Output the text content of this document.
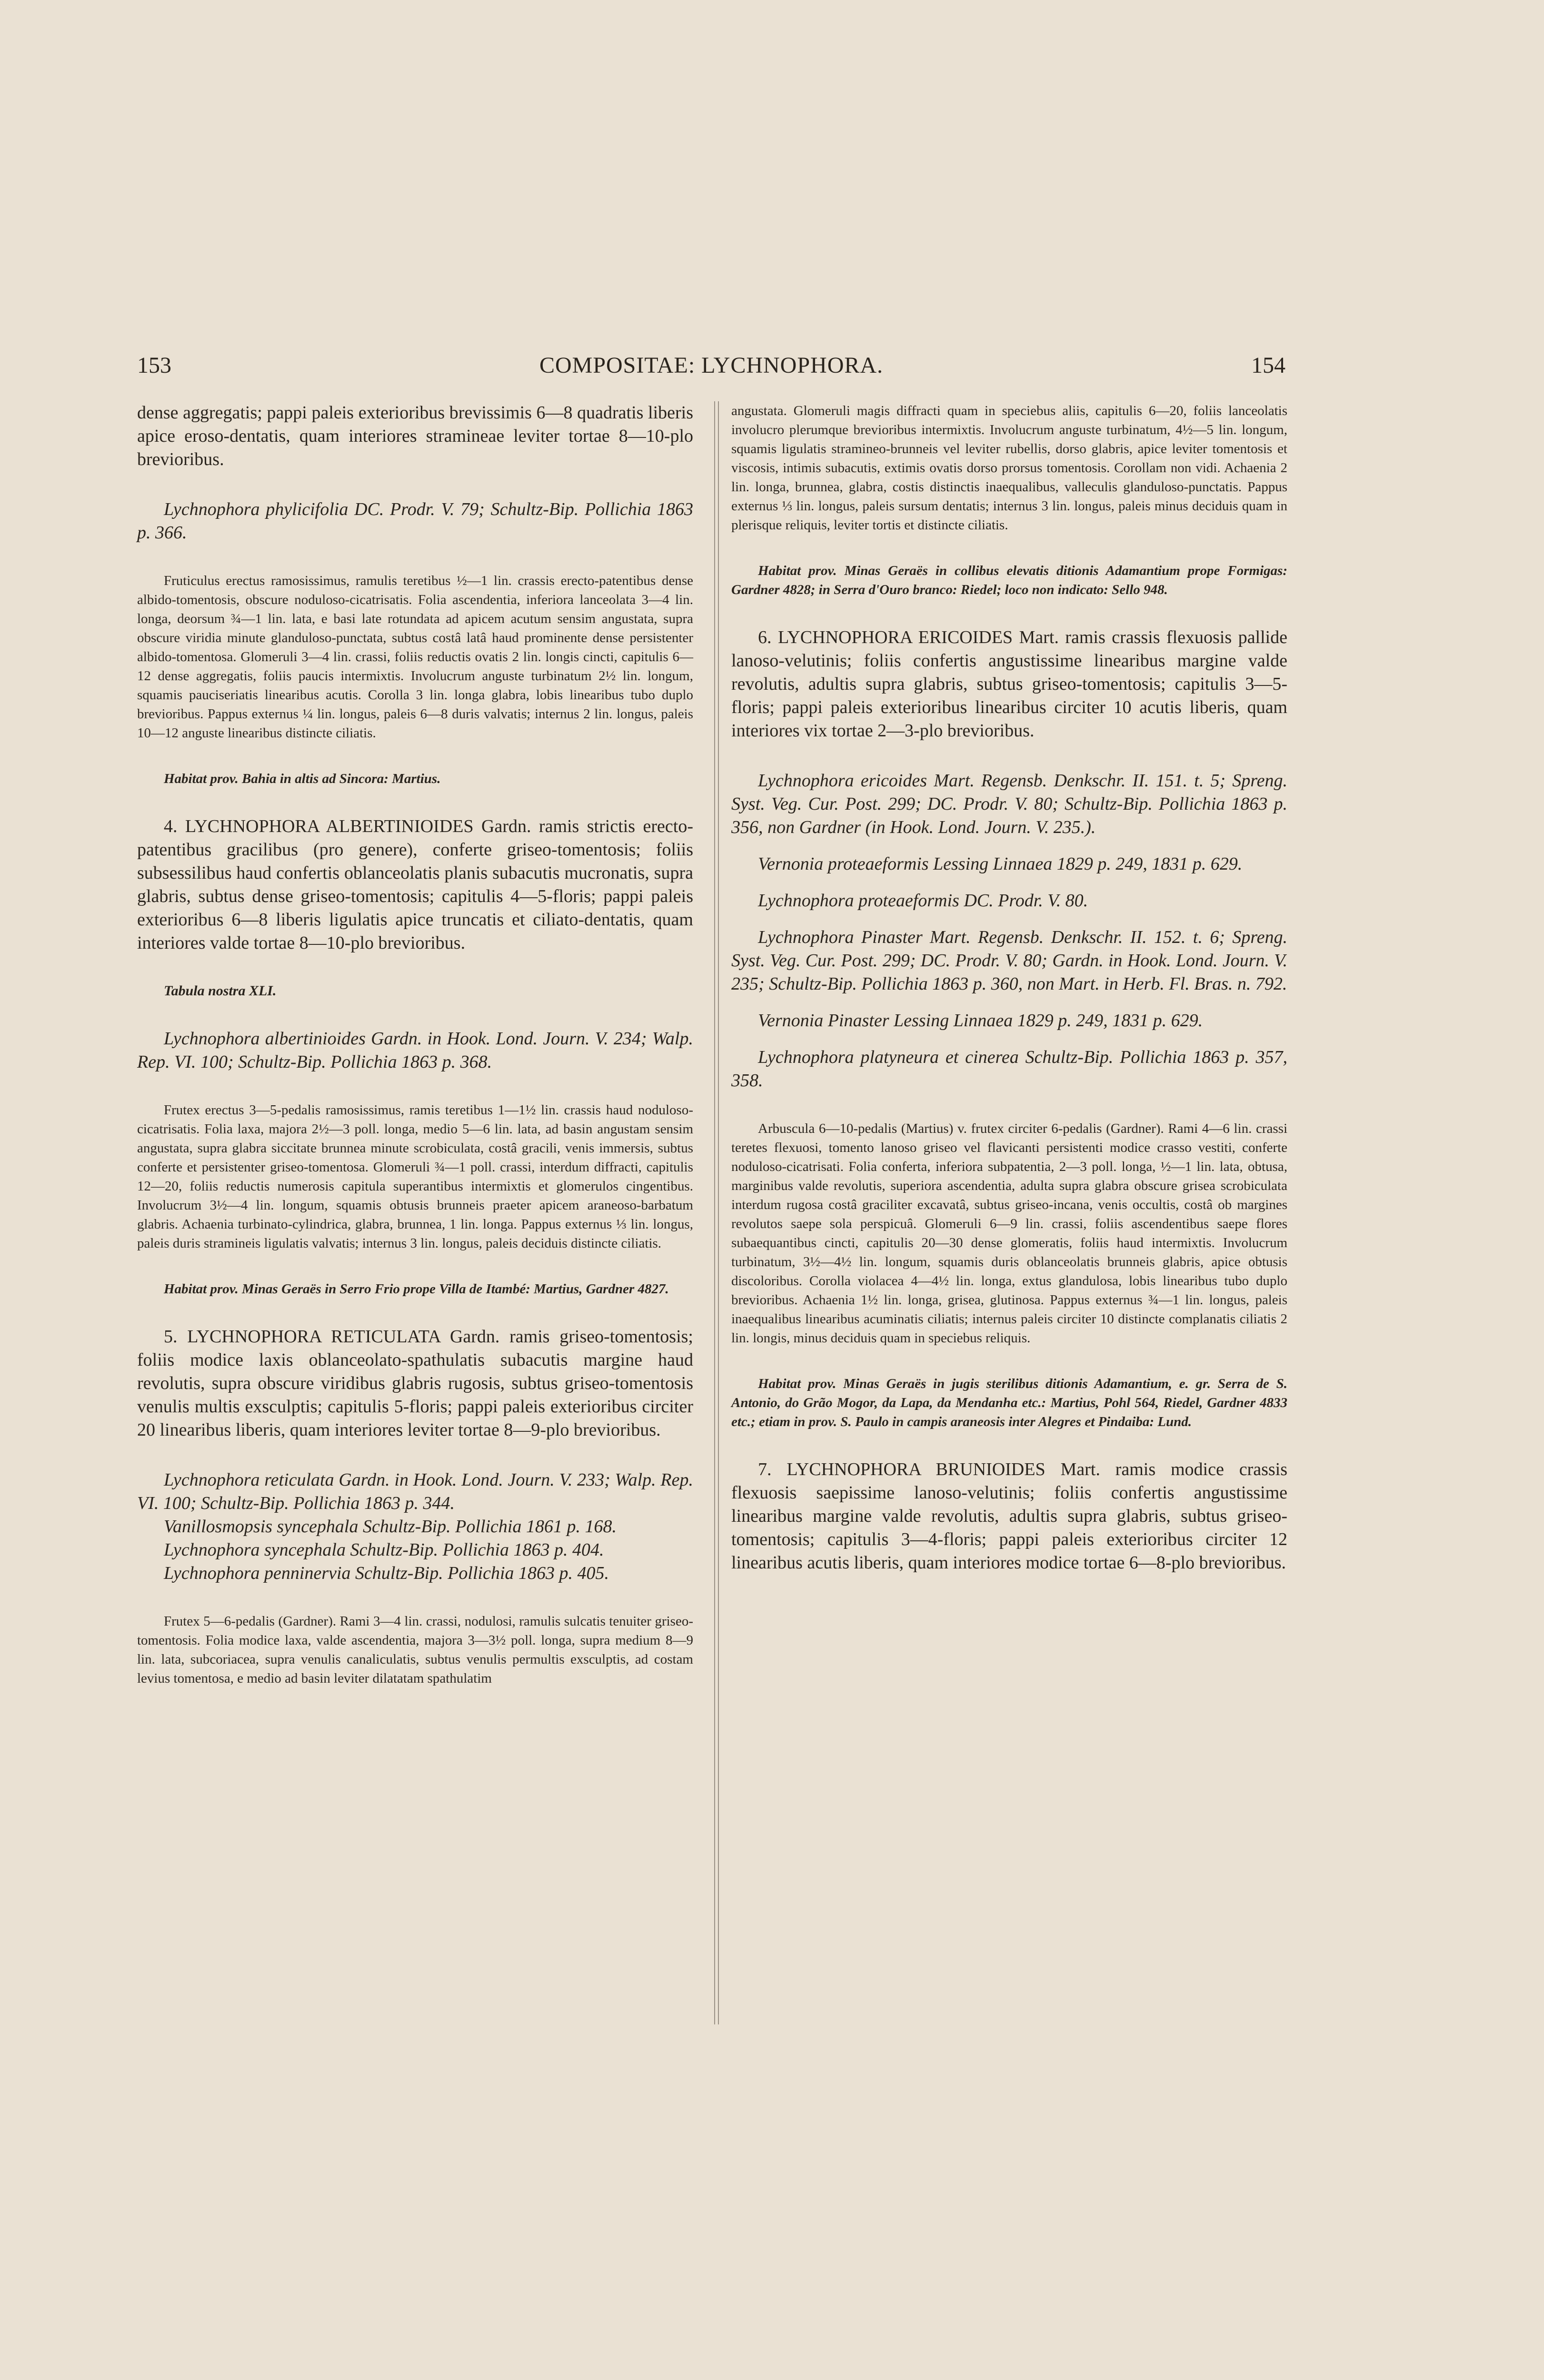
153	COMPOSITAE: LYCHNOPHORA.	154

dense aggregatis; pappi paleis exterioribus brevissimis 6—8 quadratis liberis apice eroso-dentatis, quam interiores stramineae leviter tortae 8—10-plo brevioribus.

Lychnophora phylicifolia DC. Prodr. V. 79; Schultz-Bip. Pollichia 1863 p. 366.

Fruticulus erectus ramosissimus, ramulis teretibus ½—1 lin. crassis erecto-patentibus dense albido-tomentosis, obscure noduloso-cicatrisatis. Folia ascendentia, inferiora lanceolata 3—4 lin. longa, deorsum ¾—1 lin. lata, e basi late rotundata ad apicem acutum sensim angustata, supra obscure viridia minute glanduloso-punctata, subtus costâ latâ haud prominente dense persistenter albido-tomentosa. Glomeruli 3—4 lin. crassi, foliis reductis ovatis 2 lin. longis cincti, capitulis 6—12 dense aggregatis, foliis paucis intermixtis. Involucrum anguste turbinatum 2½ lin. longum, squamis pauciseriatis linearibus acutis. Corolla 3 lin. longa glabra, lobis linearibus tubo duplo brevioribus. Pappus externus ¼ lin. longus, paleis 6—8 duris valvatis; internus 2 lin. longus, paleis 10—12 anguste linearibus distincte ciliatis.

Habitat prov. Bahia in altis ad Sincora: Martius.

4. LYCHNOPHORA ALBERTINIOIDES Gardn. ramis strictis erecto-patentibus gracilibus (pro genere), conferte griseo-tomentosis; foliis subsessilibus haud confertis oblanceolatis planis subacutis mucronatis, supra glabris, subtus dense griseo-tomentosis; capitulis 4—5-floris; pappi paleis exterioribus 6—8 liberis ligulatis apice truncatis et ciliato-dentatis, quam interiores valde tortae 8—10-plo brevioribus.

Tabula nostra XLI.

Lychnophora albertinioides Gardn. in Hook. Lond. Journ. V. 234; Walp. Rep. VI. 100; Schultz-Bip. Pollichia 1863 p. 368.

Frutex erectus 3—5-pedalis ramosissimus, ramis teretibus 1—1½ lin. crassis haud noduloso-cicatrisatis. Folia laxa, majora 2½—3 poll. longa, medio 5—6 lin. lata, ad basin angustam sensim angustata, supra glabra siccitate brunnea minute scrobiculata, costâ gracili, venis immersis, subtus conferte et persistenter griseo-tomentosa. Glomeruli ¾—1 poll. crassi, interdum diffracti, capitulis 12—20, foliis reductis numerosis capitula superantibus intermixtis et glomerulos cingentibus. Involucrum 3½—4 lin. longum, squamis obtusis brunneis praeter apicem araneoso-barbatum glabris. Achaenia turbinato-cylindrica, glabra, brunnea, 1 lin. longa. Pappus externus ⅓ lin. longus, paleis duris stramineis ligulatis valvatis; internus 3 lin. longus, paleis deciduis distincte ciliatis.

Habitat prov. Minas Geraës in Serro Frio prope Villa de Itambé: Martius, Gardner 4827.

5. LYCHNOPHORA RETICULATA Gardn. ramis griseo-tomentosis; foliis modice laxis oblanceolato-spathulatis subacutis margine haud revolutis, supra obscure viridibus glabris rugosis, subtus griseo-tomentosis venulis multis exsculptis; capitulis 5-floris; pappi paleis exterioribus circiter 20 linearibus liberis, quam interiores leviter tortae 8—9-plo brevioribus.

Lychnophora reticulata Gardn. in Hook. Lond. Journ. V. 233; Walp. Rep. VI. 100; Schultz-Bip. Pollichia 1863 p. 344.

Vanillosmopsis syncephala Schultz-Bip. Pollichia 1861 p. 168.

Lychnophora syncephala Schultz-Bip. Pollichia 1863 p. 404.

Lychnophora penninervia Schultz-Bip. Pollichia 1863 p. 405.

Frutex 5—6-pedalis (Gardner). Rami 3—4 lin. crassi, nodulosi, ramulis sulcatis tenuiter griseo-tomentosis. Folia modice laxa, valde ascendentia, majora 3—3½ poll. longa, supra medium 8—9 lin. lata, subcoriacea, supra venulis canaliculatis, subtus venulis permultis exsculptis, ad costam levius tomentosa, e medio ad basin leviter dilatatam spathulatim

angustata. Glomeruli magis diffracti quam in speciebus aliis, capitulis 6—20, foliis lanceolatis involucro plerumque brevioribus intermixtis. Involucrum anguste turbinatum, 4½—5 lin. longum, squamis ligulatis stramineo-brunneis vel leviter rubellis, dorso glabris, apice leviter tomentosis et viscosis, intimis subacutis, extimis ovatis dorso prorsus tomentosis. Corollam non vidi. Achaenia 2 lin. longa, brunnea, glabra, costis distinctis inaequalibus, valleculis glanduloso-punctatis. Pappus externus ⅓ lin. longus, paleis sursum dentatis; internus 3 lin. longus, paleis minus deciduis quam in plerisque reliquis, leviter tortis et distincte ciliatis.

Habitat prov. Minas Geraës in collibus elevatis ditionis Adamantium prope Formigas: Gardner 4828; in Serra d'Ouro branco: Riedel; loco non indicato: Sello 948.

6. LYCHNOPHORA ERICOIDES Mart. ramis crassis flexuosis pallide lanoso-velutinis; foliis confertis angustissime linearibus margine valde revolutis, adultis supra glabris, subtus griseo-tomentosis; capitulis 3—5-floris; pappi paleis exterioribus linearibus circiter 10 acutis liberis, quam interiores vix tortae 2—3-plo brevioribus.

Lychnophora ericoides Mart. Regensb. Denkschr. II. 151. t. 5; Spreng. Syst. Veg. Cur. Post. 299; DC. Prodr. V. 80; Schultz-Bip. Pollichia 1863 p. 356, non Gardner (in Hook. Lond. Journ. V. 235.).

Vernonia proteaeformis Lessing Linnaea 1829 p. 249, 1831 p. 629.

Lychnophora proteaeformis DC. Prodr. V. 80.

Lychnophora Pinaster Mart. Regensb. Denkschr. II. 152. t. 6; Spreng. Syst. Veg. Cur. Post. 299; DC. Prodr. V. 80; Gardn. in Hook. Lond. Journ. V. 235; Schultz-Bip. Pollichia 1863 p. 360, non Mart. in Herb. Fl. Bras. n. 792.

Vernonia Pinaster Lessing Linnaea 1829 p. 249, 1831 p. 629.

Lychnophora platyneura et cinerea Schultz-Bip. Pollichia 1863 p. 357, 358.

Arbuscula 6—10-pedalis (Martius) v. frutex circiter 6-pedalis (Gardner). Rami 4—6 lin. crassi teretes flexuosi, tomento lanoso griseo vel flavicanti persistenti modice crasso vestiti, conferte noduloso-cicatrisati. Folia conferta, inferiora subpatentia, 2—3 poll. longa, ½—1 lin. lata, obtusa, marginibus valde revolutis, superiora ascendentia, adulta supra glabra obscure grisea scrobiculata interdum rugosa costâ graciliter excavatâ, subtus griseo-incana, venis occultis, costâ ob margines revolutos saepe sola perspicuâ. Glomeruli 6—9 lin. crassi, foliis ascendentibus saepe flores subaequantibus cincti, capitulis 20—30 dense glomeratis, foliis haud intermixtis. Involucrum turbinatum, 3½—4½ lin. longum, squamis duris oblanceolatis brunneis glabris, apice obtusis discoloribus. Corolla violacea 4—4½ lin. longa, extus glandulosa, lobis linearibus tubo duplo brevioribus. Achaenia 1½ lin. longa, grisea, glutinosa. Pappus externus ¾—1 lin. longus, paleis inaequalibus linearibus acuminatis ciliatis; internus paleis circiter 10 distincte complanatis ciliatis 2 lin. longis, minus deciduis quam in speciebus reliquis.

Habitat prov. Minas Geraës in jugis sterilibus ditionis Adamantium, e. gr. Serra de S. Antonio, do Grão Mogor, da Lapa, da Mendanha etc.: Martius, Pohl 564, Riedel, Gardner 4833 etc.; etiam in prov. S. Paulo in campis araneosis inter Alegres et Pindaiba: Lund.

7. LYCHNOPHORA BRUNIOIDES Mart. ramis modice crassis flexuosis saepissime lanoso-velutinis; foliis confertis angustissime linearibus margine valde revolutis, adultis supra glabris, subtus griseo-tomentosis; capitulis 3—4-floris; pappi paleis exterioribus circiter 12 linearibus acutis liberis, quam interiores modice tortae 6—8-plo brevioribus.
